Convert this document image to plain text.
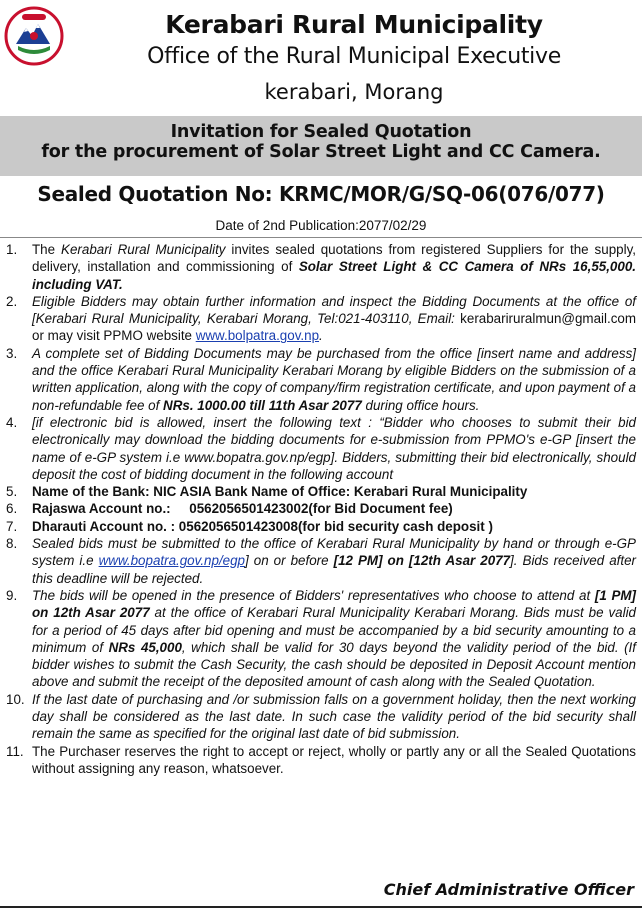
Kerabari Rural Municipality
Office of the Rural Municipal Executive
kerabari, Morang
Invitation for Sealed Quotation
for the procurement of Solar Street Light and CC Camera.
Sealed Quotation No: KRMC/MOR/G/SQ-06(076/077)
Date of 2nd Publication:2077/02/29
1.	The Kerabari Rural Municipality invites sealed quotations from registered Suppliers for the supply, delivery, installation and commissioning of Solar Street Light & CC Camera of NRs 16,55,000. including VAT.
2.	Eligible Bidders may obtain further information and inspect the Bidding Documents at the office of [Kerabari Rural Municipality, Kerabari Morang, Tel:021-403110, Email: kerabariruralmun@gmail.com or may visit PPMO website www.bolpatra.gov.np.
3.	A complete set of Bidding Documents may be purchased from the office [insert name and address] and the office Kerabari Rural Municipality Kerabari Morang by eligible Bidders on the submission of a written application, along with the copy of company/firm registration certificate, and upon payment of a non-refundable fee of NRs. 1000.00 till 11th Asar 2077 during office hours.
4.	[if electronic bid is allowed, insert the following text : “Bidder who chooses to submit their bid electronically may download the bidding documents for e-submission from PPMO's e-GP [insert the name of e-GP system i.e www.bopatra.gov.np/egp]. Bidders, submitting their bid electronically, should deposit the cost of bidding document in the following account
5.	Name of the Bank: NIC ASIA Bank Name of Office: Kerabari Rural Municipality
6.	Rajaswa Account no.:     0562056501423002(for Bid Document fee)
7.	Dharauti Account no. : 0562056501423008(for bid security cash deposit )
8.	Sealed bids must be submitted to the office of Kerabari Rural Municipality by hand or through e-GP system i.e www.bopatra.gov.np/egp] on or before [12 PM] on [12th Asar 2077]. Bids received after this deadline will be rejected.
9.	The bids will be opened in the presence of Bidders' representatives who choose to attend at [1 PM] on 12th Asar 2077 at the office of Kerabari Rural Municipality Kerabari Morang. Bids must be valid for a period of 45 days after bid opening and must be accompanied by a bid security amounting to a minimum of NRs 45,000, which shall be valid for 30 days beyond the validity period of the bid. (If bidder wishes to submit the Cash Security, the cash should be deposited in Deposit Account mention above and submit the receipt of the deposited amount of cash along with the Sealed Quotation.
10. If the last date of purchasing and /or submission falls on a government holiday, then the next working day shall be considered as the last date. In such case the validity period of the bid security shall remain the same as specified for the original last date of bid submission.
11. The Purchaser reserves the right to accept or reject, wholly or partly any or all the Sealed Quotations without assigning any reason, whatsoever.
Chief Administrative Officer
